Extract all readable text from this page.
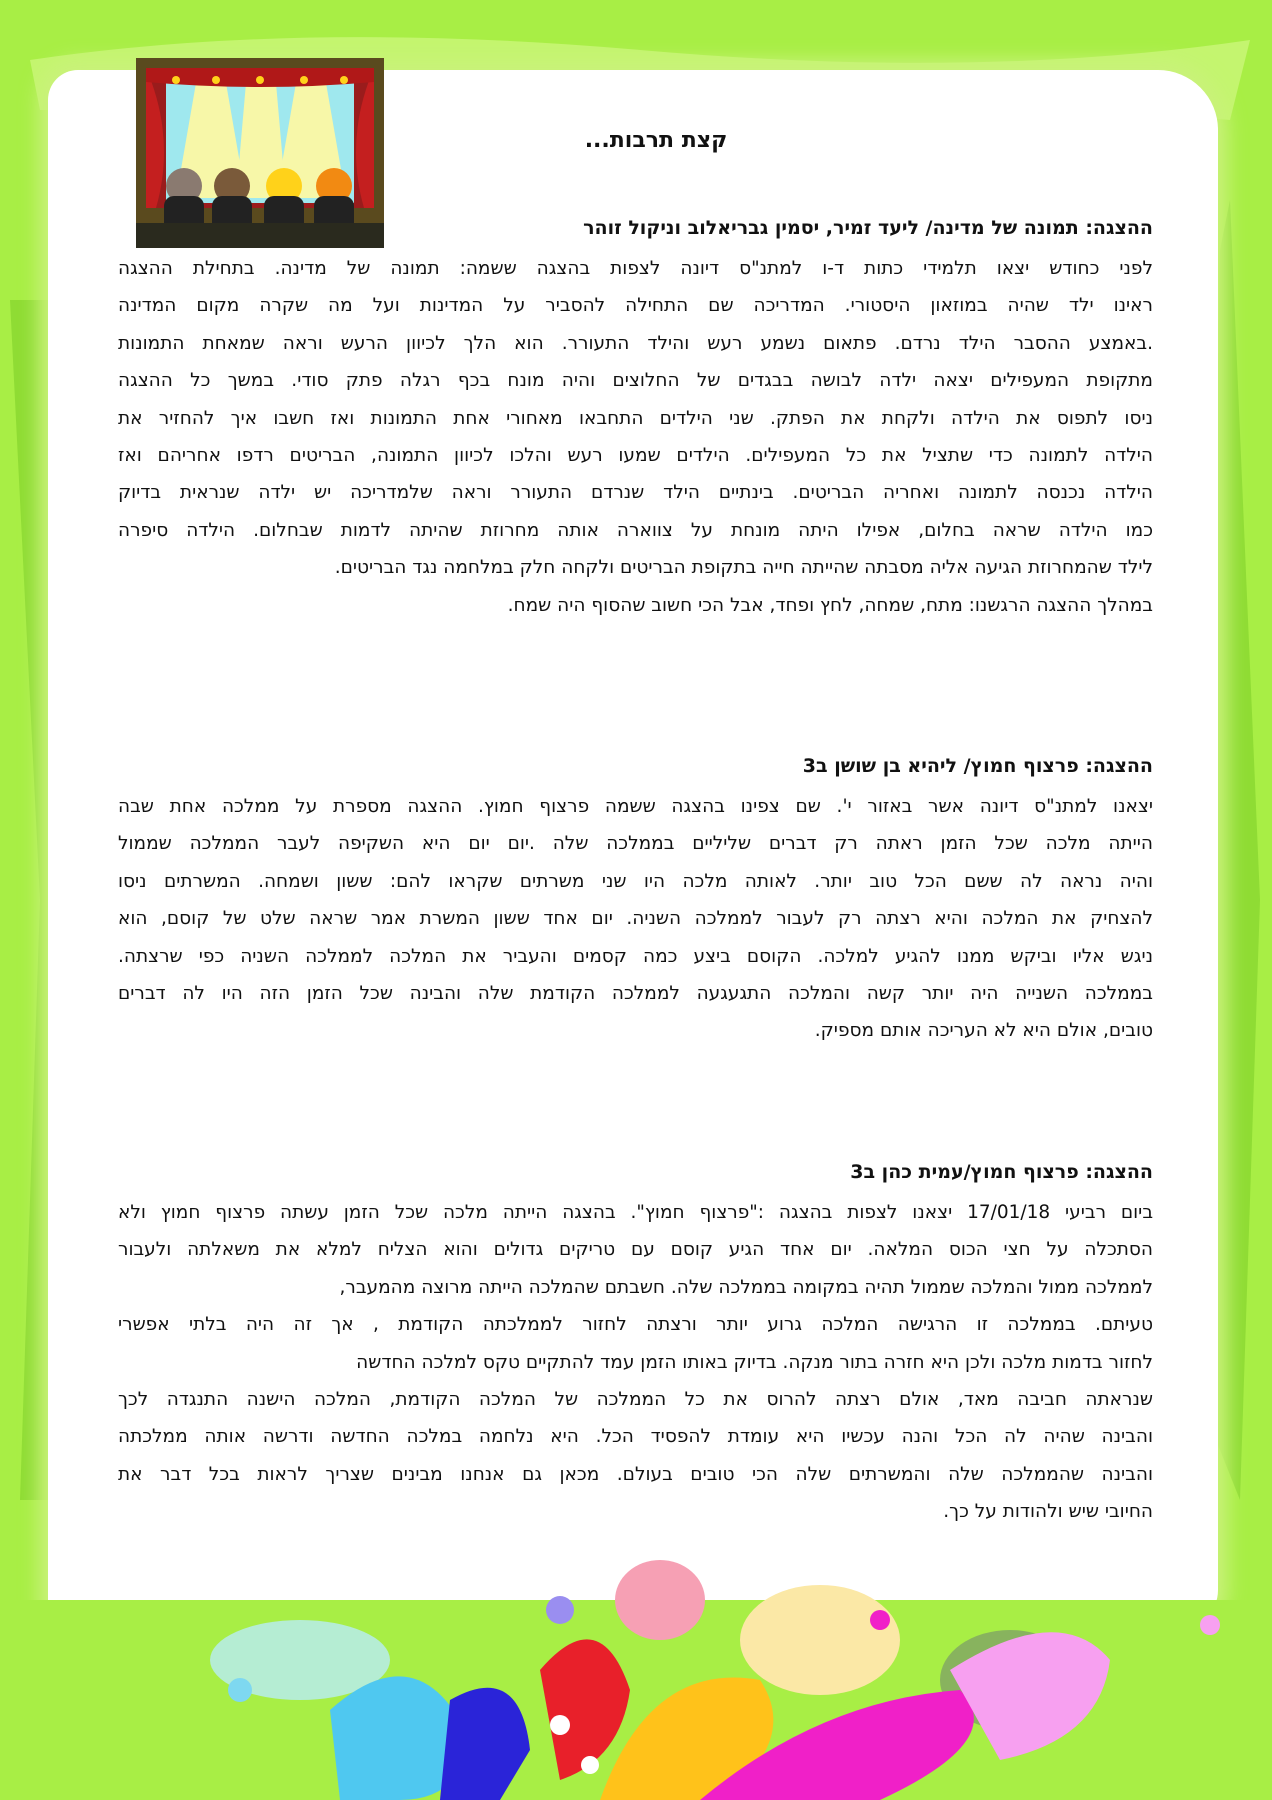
קצת תרבות...
ההצגה: תמונה של מדינה/ ליעד זמיר, יסמין גבריאלוב וניקול זוהר
לפני כחודש יצאו תלמידי כתות ד-ו למתנ"ס דיונה לצפות בהצגה ששמה: תמונה של מדינה. בתחילת ההצגה
ראינו ילד שהיה במוזאון היסטורי. המדריכה שם התחילה להסביר על המדינות ועל מה שקרה מקום המדינה
.באמצע ההסבר הילד נרדם. פתאום נשמע רעש והילד התעורר. הוא הלך לכיוון הרעש וראה שמאחת התמונות
מתקופת המעפילים יצאה ילדה לבושה בבגדים של החלוצים והיה מונח בכף רגלה פתק סודי. במשך כל ההצגה
ניסו לתפוס את הילדה ולקחת את הפתק. שני הילדים התחבאו מאחורי אחת התמונות ואז חשבו איך להחזיר את
הילדה לתמונה כדי שתציל את כל המעפילים. הילדים שמעו רעש והלכו לכיוון התמונה, הבריטים רדפו אחריהם ואז
הילדה נכנסה לתמונה ואחריה הבריטים. בינתיים הילד שנרדם התעורר וראה שלמדריכה יש ילדה שנראית בדיוק
כמו הילדה שראה בחלום, אפילו היתה מונחת על צווארה אותה מחרוזת שהיתה לדמות שבחלום. הילדה סיפרה
לילד שהמחרוזת הגיעה אליה מסבתה שהייתה חייה בתקופת הבריטים ולקחה חלק במלחמה נגד הבריטים.
במהלך ההצגה הרגשנו: מתח, שמחה, לחץ ופחד, אבל הכי חשוב שהסוף היה שמח.
ההצגה: פרצוף חמוץ/ ליהיא בן שושן ב3
יצאנו למתנ"ס דיונה אשר באזור י'. שם צפינו בהצגה ששמה פרצוף חמוץ. ההצגה מספרת על ממלכה אחת שבה
הייתה מלכה שכל הזמן ראתה רק דברים שליליים בממלכה שלה .יום יום היא השקיפה לעבר הממלכה שממול
והיה נראה לה ששם הכל טוב יותר. לאותה מלכה היו שני משרתים שקראו להם: ששון ושמחה. המשרתים ניסו
להצחיק את המלכה והיא רצתה רק לעבור לממלכה השניה. יום אחד ששון המשרת אמר שראה שלט של קוסם, הוא
ניגש אליו וביקש ממנו להגיע למלכה. הקוסם ביצע כמה קסמים והעביר את המלכה לממלכה השניה כפי שרצתה.
בממלכה השנייה היה יותר קשה והמלכה התגעגעה לממלכה הקודמת שלה והבינה שכל הזמן הזה היו לה דברים
טובים, אולם היא לא העריכה אותם מספיק.
ההצגה: פרצוף חמוץ/עמית כהן ב3
ביום רביעי 17/01/18 יצאנו לצפות בהצגה :"פרצוף חמוץ". בהצגה הייתה מלכה שכל הזמן עשתה פרצוף חמוץ ולא
הסתכלה על חצי הכוס המלאה. יום אחד הגיע קוסם עם טריקים גדולים והוא הצליח למלא את משאלתה ולעבור
לממלכה ממול והמלכה שממול תהיה במקומה בממלכה שלה. חשבתם שהמלכה הייתה מרוצה מהמעבר,
טעיתם. בממלכה זו הרגישה המלכה גרוע יותר ורצתה לחזור לממלכתה הקודמת , אך זה היה בלתי אפשרי
לחזור בדמות מלכה ולכן היא חזרה בתור מנקה. בדיוק באותו הזמן עמד להתקיים טקס למלכה החדשה
שנראתה חביבה מאד, אולם רצתה להרוס את כל הממלכה של המלכה הקודמת, המלכה הישנה התנגדה לכך
והבינה שהיה לה הכל והנה עכשיו היא עומדת להפסיד הכל. היא נלחמה במלכה החדשה ודרשה אותה ממלכתה
והבינה שהממלכה שלה והמשרתים שלה הכי טובים בעולם. מכאן גם אנחנו מבינים שצריך לראות בכל דבר את
החיובי שיש ולהודות על כך.
